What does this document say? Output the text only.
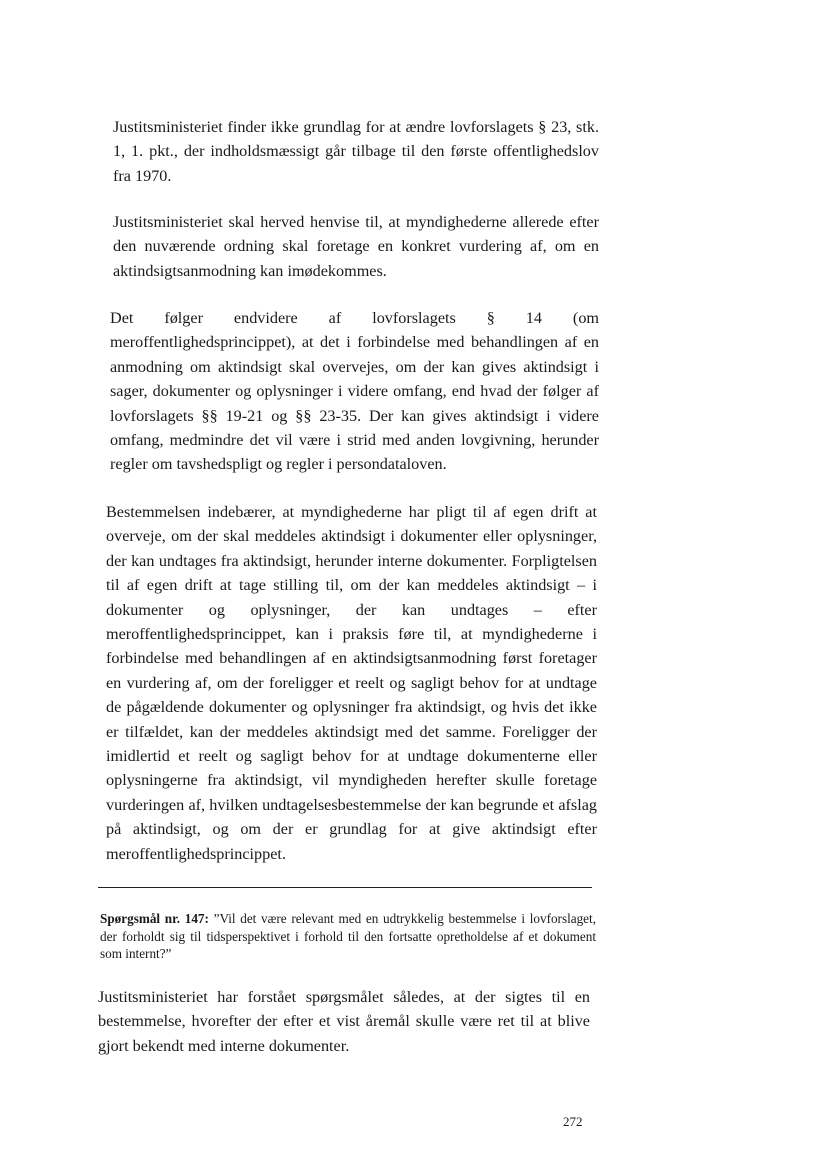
Justitsministeriet finder ikke grundlag for at ændre lovforslagets § 23, stk. 1, 1. pkt., der indholdsmæssigt går tilbage til den første offentlighedslov fra 1970.

Justitsministeriet skal herved henvise til, at myndighederne allerede efter den nuværende ordning skal foretage en konkret vurdering af, om en aktindsigtsanmodning kan imødekommes.

Det følger endvidere af lovforslagets § 14 (om meroffentlighedsprincippet), at det i forbindelse med behandlingen af en anmodning om aktindsigt skal overvejes, om der kan gives aktindsigt i sager, dokumenter og oplysninger i videre omfang, end hvad der følger af lovforslagets §§ 19-21 og §§ 23-35. Der kan gives aktindsigt i videre omfang, medmindre det vil være i strid med anden lovgivning, herunder regler om tavshedspligt og regler i persondataloven.

Bestemmelsen indebærer, at myndighederne har pligt til af egen drift at overveje, om der skal meddeles aktindsigt i dokumenter eller oplysninger, der kan undtages fra aktindsigt, herunder interne dokumenter. Forpligtelsen til af egen drift at tage stilling til, om der kan meddeles aktindsigt – i dokumenter og oplysninger, der kan undtages – efter meroffentlighedsprincippet, kan i praksis føre til, at myndighederne i forbindelse med behandlingen af en aktindsigtsanmodning først foretager en vurdering af, om der foreligger et reelt og sagligt behov for at undtage de pågældende dokumenter og oplysninger fra aktindsigt, og hvis det ikke er tilfældet, kan der meddeles aktindsigt med det samme. Foreligger der imidlertid et reelt og sagligt behov for at undtage dokumenterne eller oplysningerne fra aktindsigt, vil myndigheden herefter skulle foretage vurderingen af, hvilken undtagelsesbestemmelse der kan begrunde et afslag på aktindsigt, og om der er grundlag for at give aktindsigt efter meroffentlighedsprincippet.

Spørgsmål nr. 147: ”Vil det være relevant med en udtrykkelig bestemmelse i lovforslaget, der forholdt sig til tidsperspektivet i forhold til den fortsatte opretholdelse af et dokument som internt?”

Justitsministeriet har forstået spørgsmålet således, at der sigtes til en bestemmelse, hvorefter der efter et vist åremål skulle være ret til at blive gjort bekendt med interne dokumenter.

272
